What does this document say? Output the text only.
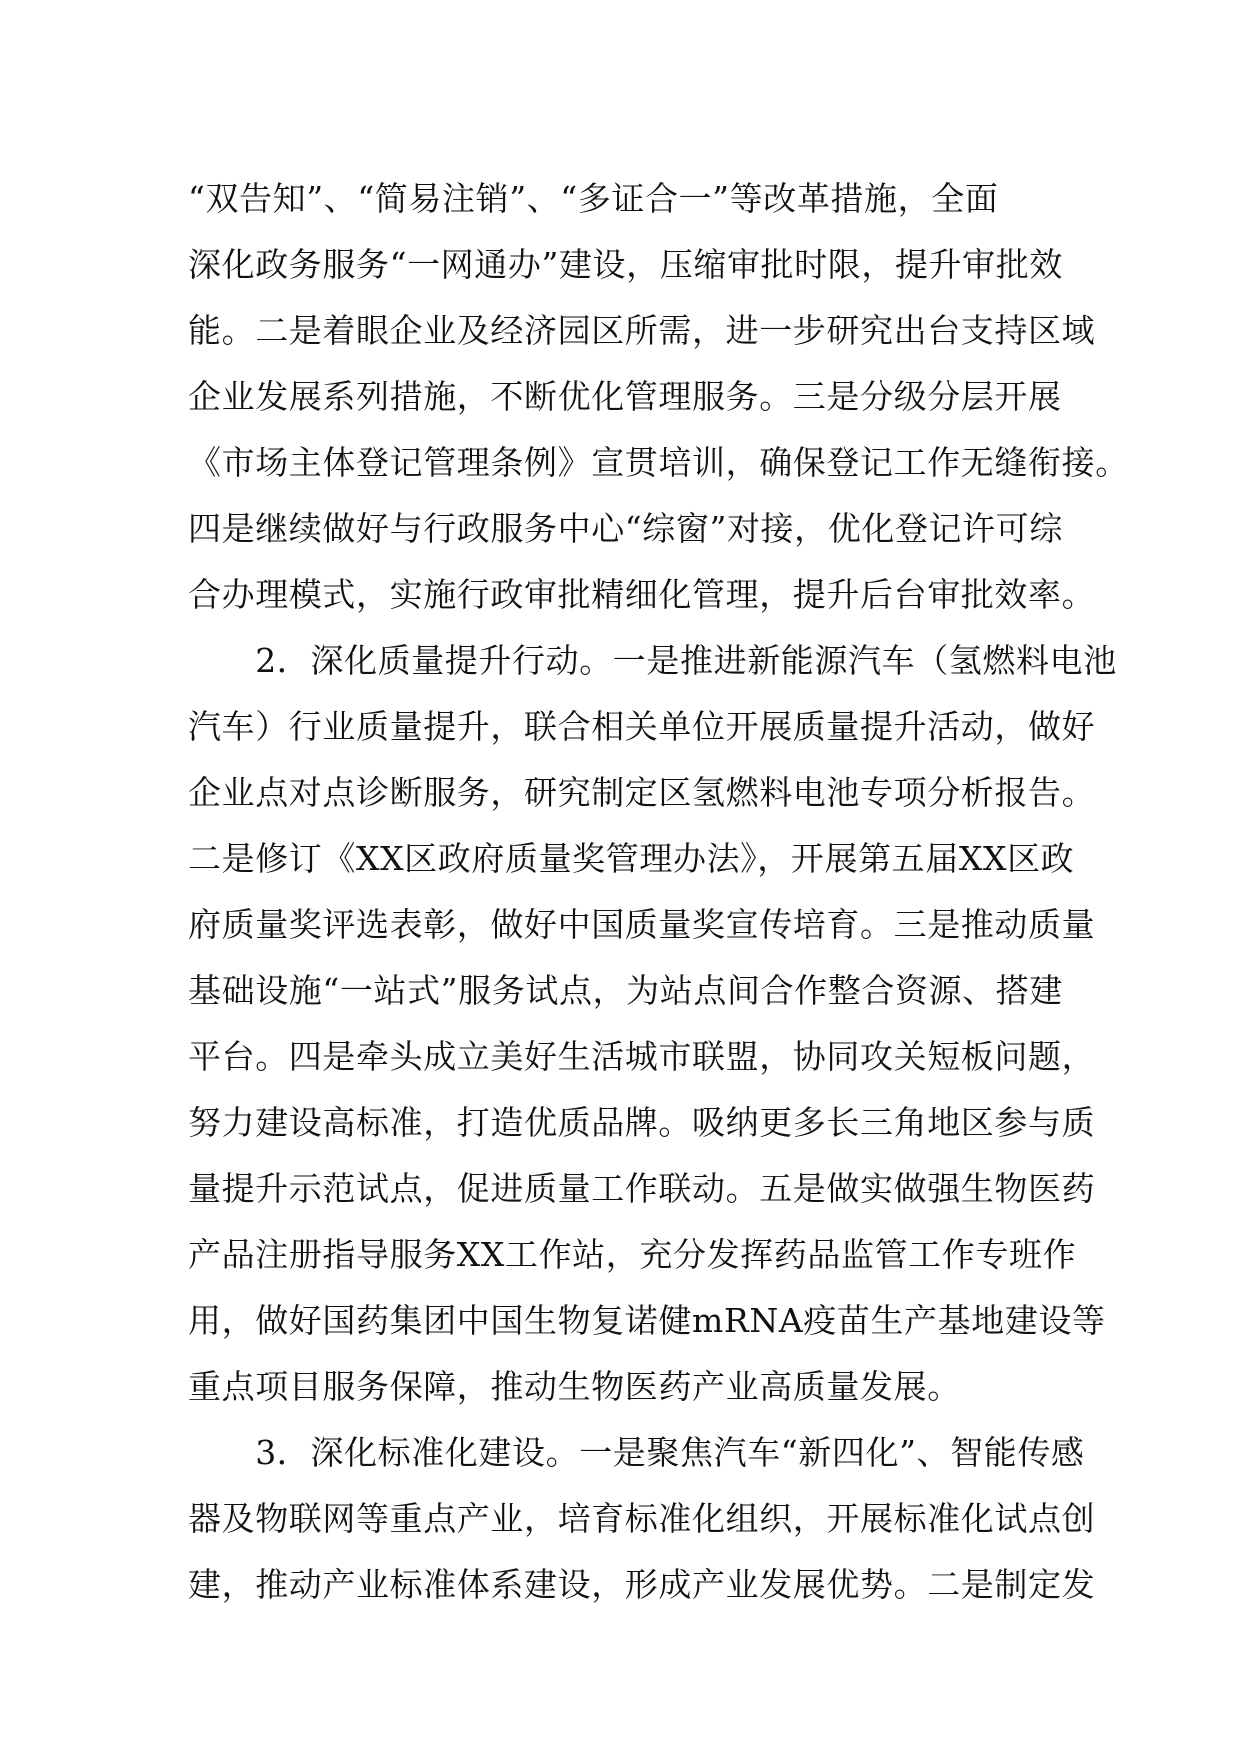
“双告知”、“简易注销”、“多证合一”等改革措施，全面
深化政务服务“一网通办”建设，压缩审批时限，提升审批效
能。二是着眼企业及经济园区所需，进一步研究出台支持区域
企业发展系列措施，不断优化管理服务。三是分级分层开展
《市场主体登记管理条例》宣贯培训，确保登记工作无缝衔接。
四是继续做好与行政服务中心“综窗”对接，优化登记许可综
合办理模式，实施行政审批精细化管理，提升后台审批效率。
　　2．深化质量提升行动。一是推进新能源汽车（氢燃料电池
汽车）行业质量提升，联合相关单位开展质量提升活动，做好
企业点对点诊断服务，研究制定区氢燃料电池专项分析报告。
二是修订《XX区政府质量奖管理办法》，开展第五届XX区政
府质量奖评选表彰，做好中国质量奖宣传培育。三是推动质量
基础设施“一站式”服务试点，为站点间合作整合资源、搭建
平台。四是牵头成立美好生活城市联盟，协同攻关短板问题，
努力建设高标准，打造优质品牌。吸纳更多长三角地区参与质
量提升示范试点，促进质量工作联动。五是做实做强生物医药
产品注册指导服务XX工作站，充分发挥药品监管工作专班作
用，做好国药集团中国生物复诺健mRNA疫苗生产基地建设等
重点项目服务保障，推动生物医药产业高质量发展。
　　3．深化标准化建设。一是聚焦汽车“新四化”、智能传感
器及物联网等重点产业，培育标准化组织，开展标准化试点创
建，推动产业标准体系建设，形成产业发展优势。二是制定发
